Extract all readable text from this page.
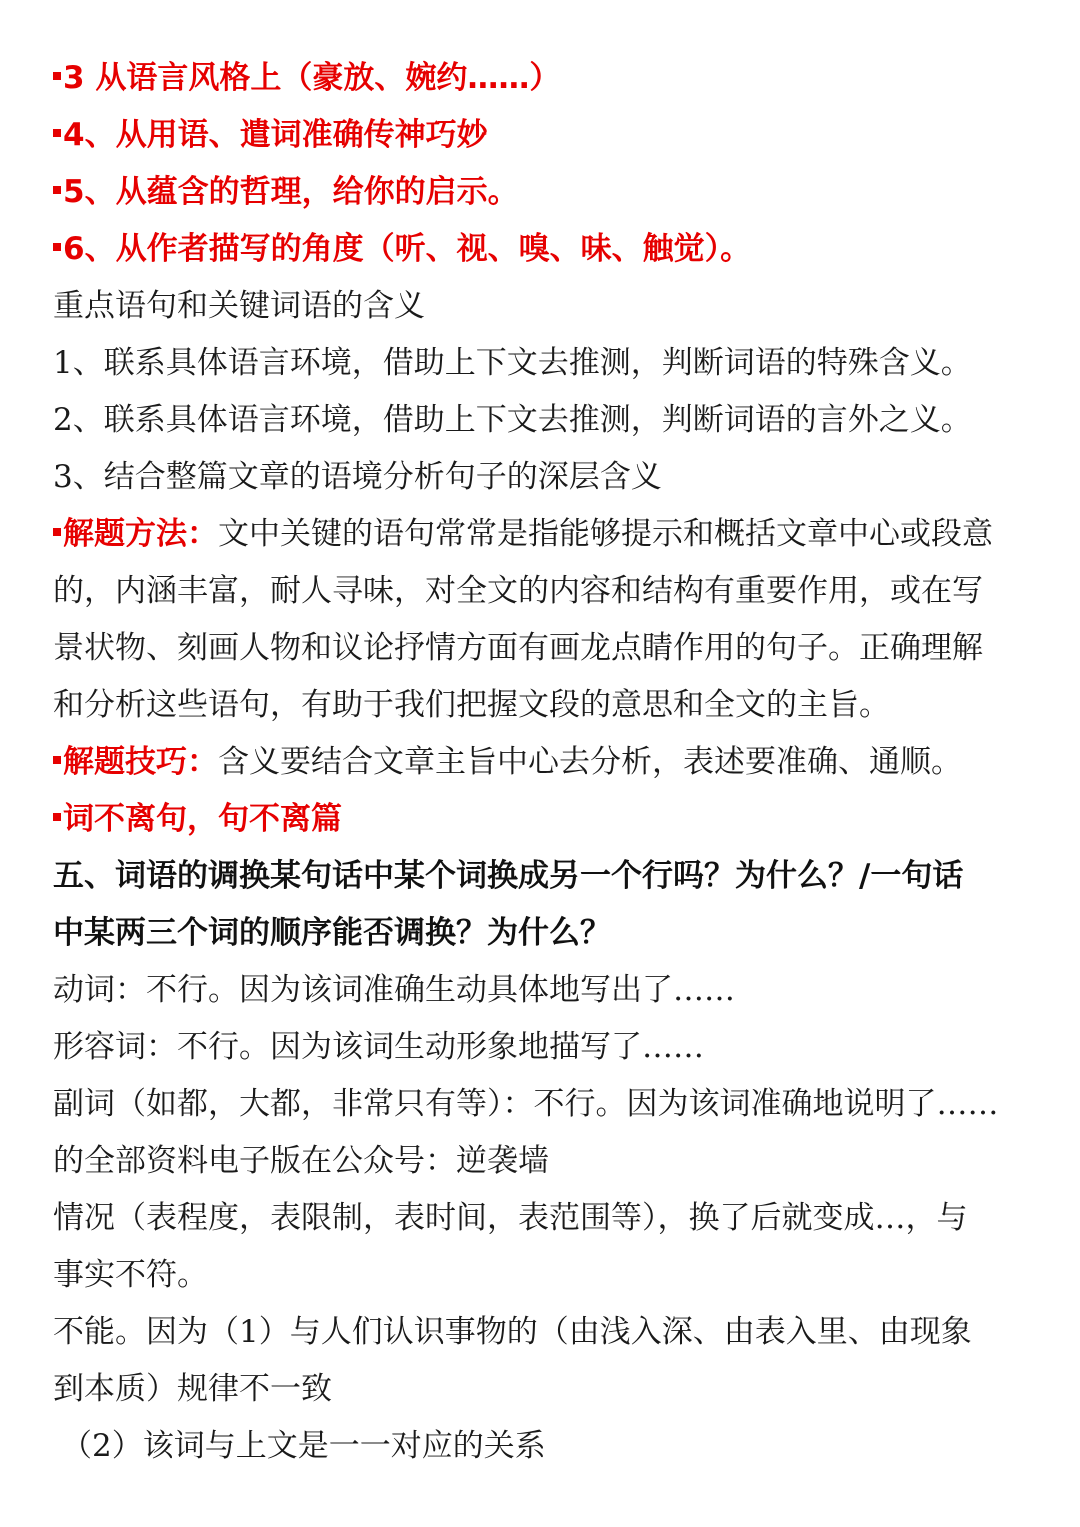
3 从语言风格上（豪放、婉约……）
4、从用语、遣词准确传神巧妙
5、从蕴含的哲理，给你的启示。
6、从作者描写的角度（听、视、嗅、味、触觉）。
重点语句和关键词语的含义
1、联系具体语言环境，借助上下文去推测，判断词语的特殊含义。
2、联系具体语言环境，借助上下文去推测，判断词语的言外之义。
3、结合整篇文章的语境分析句子的深层含义
解题方法：文中关键的语句常常是指能够提示和概括文章中心或段意
的，内涵丰富，耐人寻味，对全文的内容和结构有重要作用，或在写
景状物、刻画人物和议论抒情方面有画龙点睛作用的句子。正确理解
和分析这些语句，有助于我们把握文段的意思和全文的主旨。
解题技巧：含义要结合文章主旨中心去分析，表述要准确、通顺。
词不离句，句不离篇
五、词语的调换某句话中某个词换成另一个行吗？为什么？/一句话
中某两三个词的顺序能否调换？为什么？
动词：不行。因为该词准确生动具体地写出了……
形容词：不行。因为该词生动形象地描写了……
副词（如都，大都，非常只有等）：不行。因为该词准确地说明了……
的全部资料电子版在公众号：逆袭墙
情况（表程度，表限制，表时间，表范围等），换了后就变成…，与
事实不符。
不能。因为（1）与人们认识事物的（由浅入深、由表入里、由现象
到本质）规律不一致
（2）该词与上文是一一对应的关系
